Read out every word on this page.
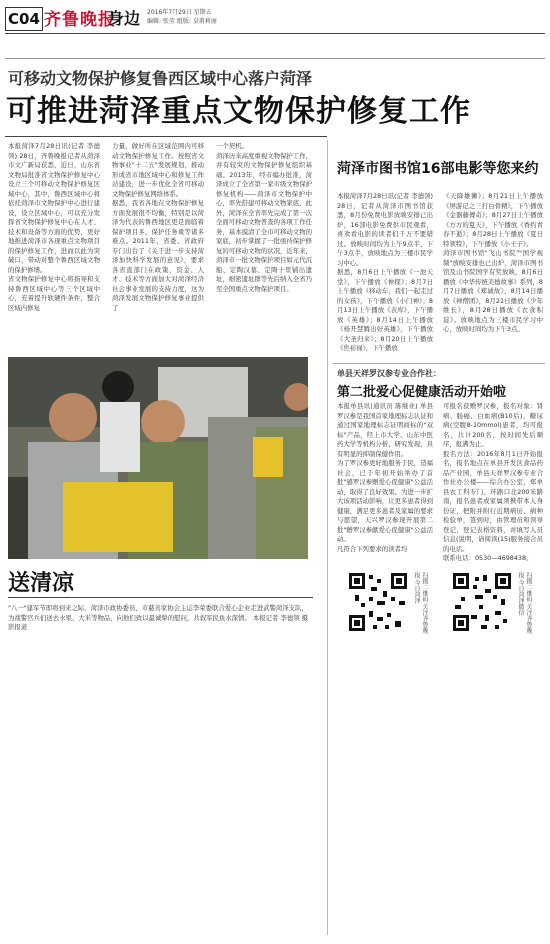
C04 齐鲁晚报
身边 2016年7月29日 星期五
编辑: 张莹 组版: 皇甫莉丽
可移动文物保护修复鲁西区域中心落户菏泽
可推进菏泽重点文物保护修复工作
本报菏泽7月28日讯(记者 李德领) 28日，齐鲁晚报记者从菏泽市文广新局获悉，近日，山东省文物局批准省文物保护修复中心设立三个可移动文物保护修复区域中心，其中，鲁西区域中心将依托菏泽市文物保护中心进行建设，设立区域中心，可以充分发挥省文物保护修复中心在人才、技术和设备等方面的优势，更好地推进菏泽市各现重点文物项目的保护修复工作，进而以此为突破口，带动对整个鲁西区域文物的保护修缮。
省文物保护修复中心将指导和支持鲁西区域中心等三个区域中心，充着提升软硬件条件，整合区域内修复
力量，做好所在区域范围内可移动文物保护修复工作。按照省文物事业"十二五"发展规划，推动形成省市地区域中心和修复工作站建设，进一步优化全省可移动文物保护修复网络体系。
据悉，我省各地在文物保护修复方面发展很不均衡，特别是以菏泽为代表的鲁西地区更是面临着保护项目多、保护任务重等诸多难点。2011年，省委、省政府专门出台了《关于进一步支持菏泽加快科学发展的意见》，要求各省直部门在政策、资金、人才、技术等方面加大对菏泽经济社会事业发展的支持力度，这为菏泽发展文物保护修复事业提供了
一个契机。
菏泽历来高度重视文物保护工作，并有较突的文物保护修复组织基础。2013年，经市编办批准，菏泽成立了全省第一家市级文物保护修复机构——菏泽市文物保护中心，率先搭建可移动文物家底，此外，菏泽在全省率先完成了第一次全面可移动文物普查的各项工作任务，基本摸清了全市可移动文物的家底，初步掌握了一批亟待保护修复的可移动文物的状况，近年来，菏泽市一批文物保护项目如元代沉船、定陶汉墓、定陶十里铺出遗址，细密遗址群等先后纳入全省乃至全国重点文物保护项目。
菏泽市图书馆16部电影等您来约
本报菏泽7月28日讯(记者 李德领) 28日，记者从菏泽市图书馆获悉，8月份免费电影放映安排已出炉，16部电影免费供市民观看，喜欢看电影的读者们千万不要错过。放映时间均为上午9点半、下午3点半，放映地点为三楼市民学习中心。
据悉，8月6日上午播放《一池天堂》，下午播放《神探》；8月7日上午播放《移动车，我们一起走过的女孩》，下午播放《小门神》；8月13日上午播放《表库》，下午播放《英雄》；8月14日上午播放《杨开慧腾出好英雄》，下午播放《大圣归来》；8月20日上午播放《焦裕禄》，下午播放
《天降雄狮》；8月21日上午播放《屏游记之三打白骨精》，下午播放《金器藤傳奇》；8月27日上午播放《方方的夏天》，下午播放《香约青春不逝》；8月28日上午播放《夏日特领特》，下午播放《小王子》。
菏泽市图书馆"飞山书院""国学视频"放映安排也已出炉，菏泽市图书馆及山书院国学有奖放映，8月6日播放《中华传统美德故事》系列，8月7日播放《郑诚故》，8月14日播放《禅僧团》，8月21日播放《少年维长》，8月28日播放《衣食积淀》。放映地点为三楼市民学习中心，放映时间均为下午3点。
送清凉
"八一"建军节即将到来之际，菏泽市政协委员、市慈善家协会主运李荣委联合爱心企业走进武警菏泽支队，为战警官兵们送去水果、大米等物品，向他们致以最诚挚的慰问，共叙军民鱼水深情。 本报记者 李德领 摄影报道
单县天祥罗汉参专业合作社：
第二批爱心促健康活动开始啦
本报单县讯(通讯员 陈继业) 单县罗汉参是我国首家地理标志认证和通过国家地理标志证明商标的"双标"产品，经上市大学、山东中医药大学等机构分析，研究发现，具有明显的抑制保健作用。
为了罗汉参更好地服务于民，造福社会，已于年初开始举办了首批"感罗汉参赠爱心促健康"公益活动，取得了良好效果。为进一步扩大该项活动影响，让更多患者得到健康，满足更多患者及家属的要求与愿望，天兴罗汉参现开展第二批"赠罗汉参献爱心促健康"公益活动。
凡符合下列要求的读者均
可报名获赠罗汉参，报名对象：肾病、肠癌、白血病(B10后)、糖尿病(空腹8-10mmol)患者，均可报名，共计200名，按时间先后顺序，报满为止。
报名方法：2016年8月1日开始报名，报名地点在单县开发区食品药品产业园，单县天祥罗汉参专业合作社办公楼——综合办公室，郑单县农工科专门、环路口北200米路南，报名患者或家属须携带本人身份证，把附并附行近期病历、病种检验单，签到时，由管理员和领导登记，登记表格资料，并填写人员信息(说明，请阅读(15)服务接合员的电话。
联系电话：0530—4698438。
扫描二维码 关注齐鲁晚报 今日菏泽	扫描二维码 关注齐鲁晚报 今日菏泽微信
